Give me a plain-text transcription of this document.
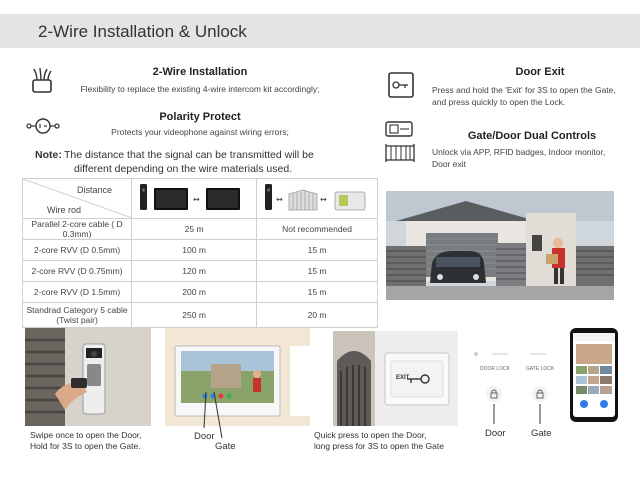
2-Wire Installation & Unlock
2-Wire Installation
Flexibility to replace the existing 4-wire intercom kit accordingly;
Polarity Protect
Protects your videophone against wiring errors;
Note: The distance that the signal can be transmitted will be
different depending on the wire materials used.
Door Exit
Press and hold the 'Exit' for 3S to open the Gate,
and press quickly to open the Lock.
Gate/Door Dual Controls
Unlock via APP, RFID badges, Indoor monitor,
Door exit
Distance
Wire rod	↔	↔ ↔

Parallel 2-core cable ( D 0.3mm)	25 m	Not recommended
2-core RVV (D 0.5mm)	100 m	15 m
2-core RVV (D 0.75mm)	120 m	15 m
2-core RVV (D 1.5mm)	200 m	15 m
Standrad Category 5 cable (Twist pair)	250 m	20 m
Swipe once to open the Door,
Hold for 3S to open the Gate.
Door
Gate
EXIT
Quick press to open the Door,
long press for 3S to open the Gate
DOOR LOCK	GATE LOCK
Door	Gate
